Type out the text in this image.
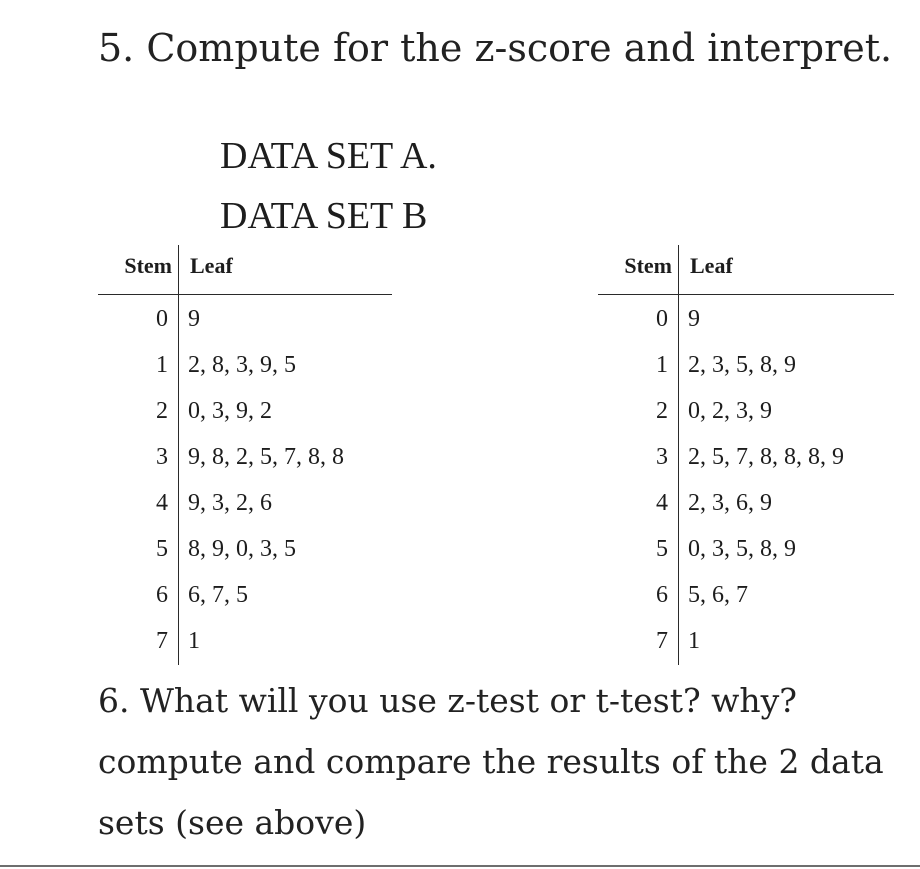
5. Compute for the z-score and interpret.
DATA SET A.
DATA SET B
Stem Leaf
0 9
1 2, 8, 3, 9, 5
2 0, 3, 9, 2
3 9, 8, 2, 5, 7, 8, 8
4 9, 3, 2, 6
5 8, 9, 0, 3, 5
6 6, 7, 5
7 1
Stem Leaf
0 9
1 2, 3, 5, 8, 9
2 0, 2, 3, 9
3 2, 5, 7, 8, 8, 8, 9
4 2, 3, 6, 9
5 0, 3, 5, 8, 9
6 5, 6, 7
7 1
6. What will you use z-test or t-test? why? compute and compare the results of the 2 data sets (see above)
